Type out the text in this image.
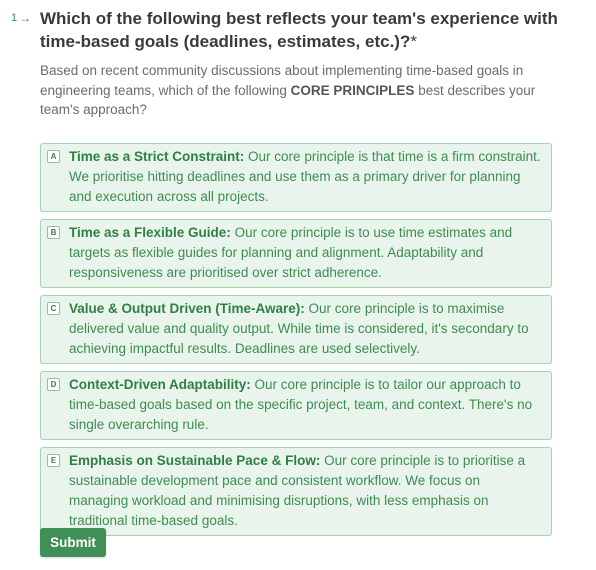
1 → Which of the following best reflects your team's experience with time-based goals (deadlines, estimates, etc.)?*
Based on recent community discussions about implementing time-based goals in engineering teams, which of the following CORE PRINCIPLES best describes your team's approach?
A Time as a Strict Constraint: Our core principle is that time is a firm constraint. We prioritise hitting deadlines and use them as a primary driver for planning and execution across all projects.
B Time as a Flexible Guide: Our core principle is to use time estimates and targets as flexible guides for planning and alignment. Adaptability and responsiveness are prioritised over strict adherence.
C Value & Output Driven (Time-Aware): Our core principle is to maximise delivered value and quality output. While time is considered, it's secondary to achieving impactful results. Deadlines are used selectively.
D Context-Driven Adaptability: Our core principle is to tailor our approach to time-based goals based on the specific project, team, and context. There's no single overarching rule.
E Emphasis on Sustainable Pace & Flow: Our core principle is to prioritise a sustainable development pace and consistent workflow. We focus on managing workload and minimising disruptions, with less emphasis on traditional time-based goals.
Submit
